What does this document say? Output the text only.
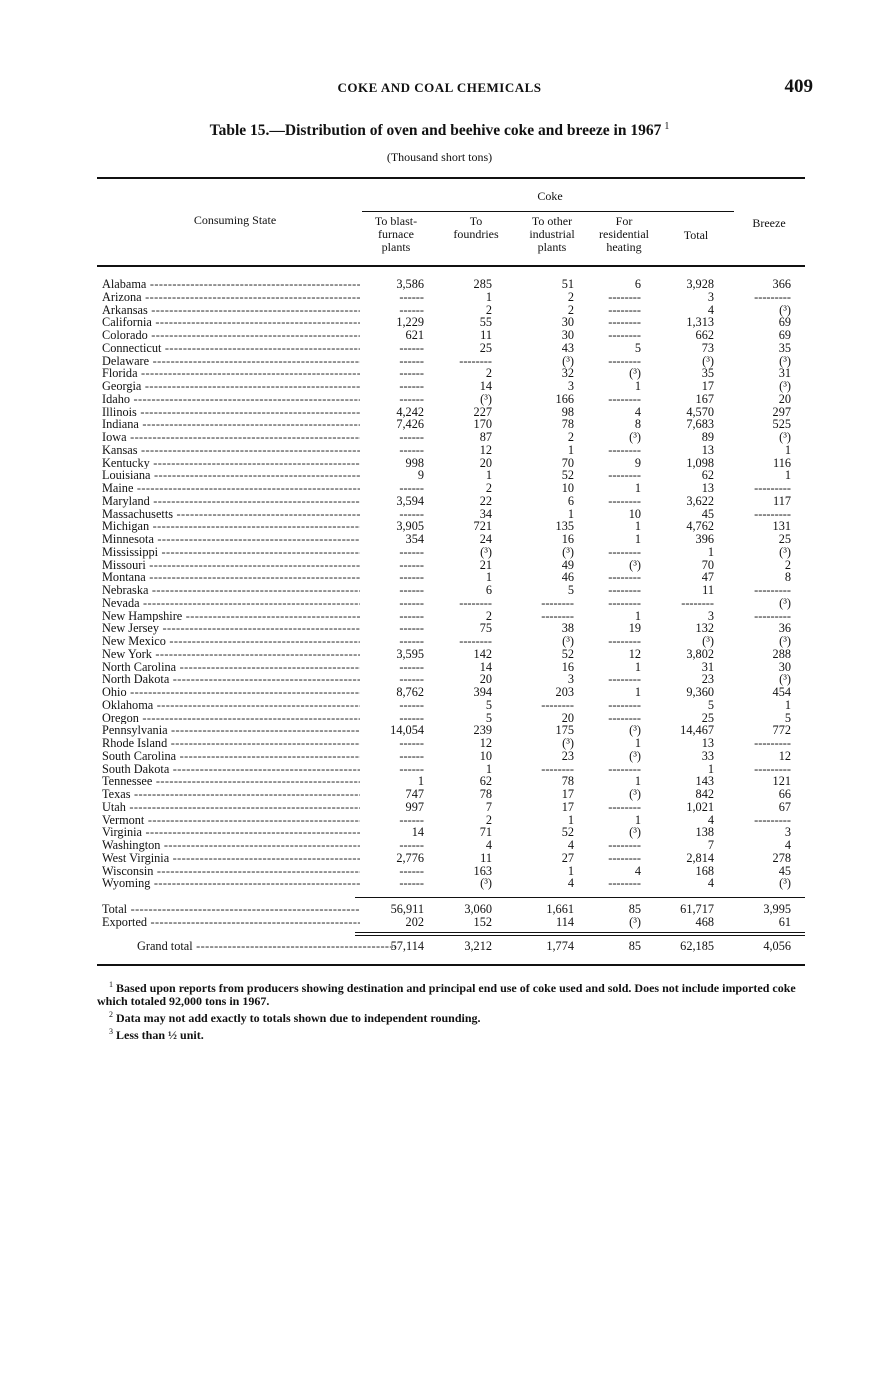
COKE AND COAL CHEMICALS	409
Table 15.—Distribution of oven and beehive coke and breeze in 1967 $^1$
(Thousand short tons)
Consuming State
Coke
To blast-
furnace
plants
To
foundries
To other
industrial
plants
For
residential
heating
Total
Breeze
Alabama -----	3,586	285	51	6	3,928	366
Arizona -----	------	1	2	--------	3	---------
Arkansas -----	------	2	2	--------	4	(³)
California -----	1,229	55	30	--------	1,313	69
Colorado -----	621	11	30	--------	662	69
Connecticut -----	------	25	43	5	73	35
Delaware -----	------	--------	(³)	--------	(³)	(³)
Florida -----	------	2	32	(³)	35	31
Georgia -----	------	14	3	1	17	(³)
Idaho -----	------	(³)	166	--------	167	20
Illinois -----	4,242	227	98	4	4,570	297
Indiana -----	7,426	170	78	8	7,683	525
Iowa -----	------	87	2	(³)	89	(³)
Kansas -----	------	12	1	--------	13	1
Kentucky -----	998	20	70	9	1,098	116
Louisiana -----	9	1	52	--------	62	1
Maine -----	------	2	10	1	13	---------
Maryland -----	3,594	22	6	--------	3,622	117
Massachusetts -----	------	34	1	10	45	---------
Michigan -----	3,905	721	135	1	4,762	131
Minnesota -----	354	24	16	1	396	25
Mississippi -----	------	(³)	(³)	--------	1	(³)
Missouri -----	------	21	49	(³)	70	2
Montana -----	------	1	46	--------	47	8
Nebraska -----	------	6	5	--------	11	---------
Nevada -----	------	--------	--------	--------	--------	(³)
New Hampshire -----	------	2	--------	1	3	---------
New Jersey -----	------	75	38	19	132	36
New Mexico -----	------	--------	(³)	--------	(³)	(³)
New York -----	3,595	142	52	12	3,802	288
North Carolina -----	------	14	16	1	31	30
North Dakota -----	------	20	3	--------	23	(³)
Ohio -----	8,762	394	203	1	9,360	454
Oklahoma -----	------	5	--------	--------	5	1
Oregon -----	------	5	20	--------	25	5
Pennsylvania -----	14,054	239	175	(³)	14,467	772
Rhode Island -----	------	12	(³)	1	13	---------
South Carolina -----	------	10	23	(³)	33	12
South Dakota -----	------	1	--------	--------	1	---------
Tennessee -----	1	62	78	1	143	121
Texas -----	747	78	17	(³)	842	66
Utah -----	997	7	17	--------	1,021	67
Vermont -----	------	2	1	1	4	---------
Virginia -----	14	71	52	(³)	138	3
Washington -----	------	4	4	--------	7	4
West Virginia -----	2,776	11	27	--------	2,814	278
Wisconsin -----	------	163	1	4	168	45
Wyoming -----	------	(³)	4	--------	4	(³)
Total -----	56,911	3,060	1,661	85	61,717	3,995
Exported -----	202	152	114	(³)	468	61
Grand total -----	57,114	3,212	1,774	85	62,185	4,056

$^1$ Based upon reports from producers showing destination and principal end use of coke used and sold. Does not include imported coke which totaled 92,000 tons in 1967.

$^2$ Data may not add exactly to totals shown due to independent rounding.

$^3$ Less than ½ unit.
